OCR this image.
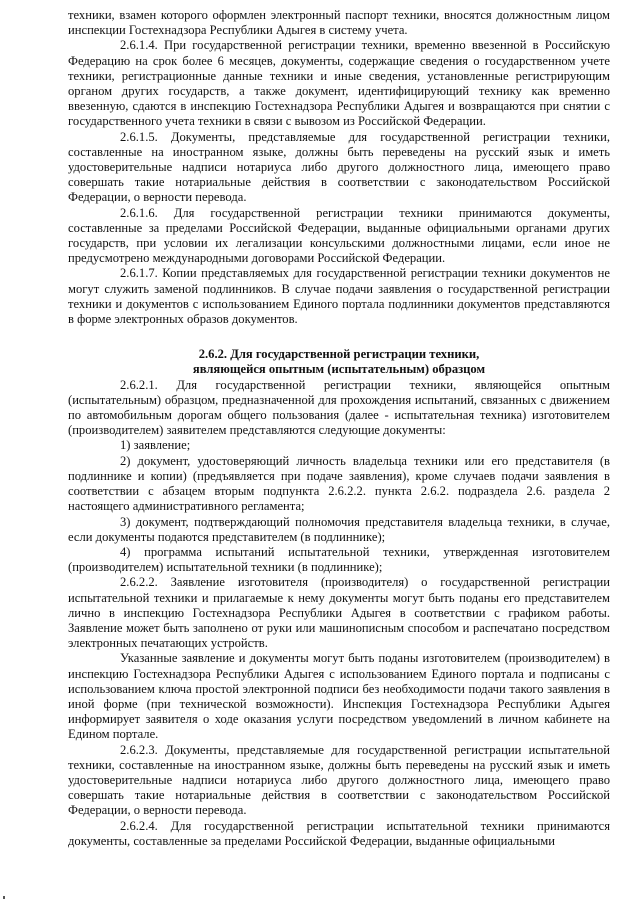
техники, взамен которого оформлен электронный паспорт техники, вносятся должностным лицом инспекции Гостехнадзора Республики Адыгея в систему учета.

2.6.1.4. При государственной регистрации техники, временно ввезенной в Российскую Федерацию на срок более 6 месяцев, документы, содержащие сведения о государственном учете техники, регистрационные данные техники и иные сведения, установленные регистрирующим органом других государств, а также документ, идентифицирующий технику как временно ввезенную, сдаются в инспекцию Гостехнадзора Республики Адыгея и возвращаются при снятии с государственного учета техники в связи с вывозом из Российской Федерации.

2.6.1.5. Документы, представляемые для государственной регистрации техники, составленные на иностранном языке, должны быть переведены на русский язык и иметь удостоверительные надписи нотариуса либо другого должностного лица, имеющего право совершать такие нотариальные действия в соответствии с законодательством Российской Федерации, о верности перевода.

2.6.1.6. Для государственной регистрации техники принимаются документы, составленные за пределами Российской Федерации, выданные официальными органами других государств, при условии их легализации консульскими должностными лицами, если иное не предусмотрено международными договорами Российской Федерации.

2.6.1.7. Копии представляемых для государственной регистрации техники документов не могут служить заменой подлинников. В случае подачи заявления о государственной регистрации техники и документов с использованием Единого портала подлинники документов представляются в форме электронных образов документов.

2.6.2. Для государственной регистрации техники,
являющейся опытным (испытательным) образцом

2.6.2.1. Для государственной регистрации техники, являющейся опытным (испытательным) образцом, предназначенной для прохождения испытаний, связанных с движением по автомобильным дорогам общего пользования (далее - испытательная техника) изготовителем (производителем) заявителем представляются следующие документы:

1) заявление;

2) документ, удостоверяющий личность владельца техники или его представителя (в подлиннике и копии) (предъявляется при подаче заявления), кроме случаев подачи заявления в соответствии с абзацем вторым подпункта 2.6.2.2. пункта 2.6.2. подраздела 2.6. раздела 2 настоящего административного регламента;

3) документ, подтверждающий полномочия представителя владельца техники, в случае, если документы подаются представителем (в подлиннике);

4) программа испытаний испытательной техники, утвержденная изготовителем (производителем) испытательной техники (в подлиннике);

2.6.2.2. Заявление изготовителя (производителя) о государственной регистрации испытательной техники и прилагаемые к нему документы могут быть поданы его представителем лично в инспекцию Гостехнадзора Республики Адыгея в соответствии с графиком работы. Заявление может быть заполнено от руки или машинописным способом и распечатано посредством электронных печатающих устройств.

Указанные заявление и документы могут быть поданы изготовителем (производителем) в инспекцию Гостехнадзора Республики Адыгея с использованием Единого портала и подписаны с использованием ключа простой электронной подписи без необходимости подачи такого заявления в иной форме (при технической возможности). Инспекция Гостехнадзора Республики Адыгея информирует заявителя о ходе оказания услуги посредством уведомлений в личном кабинете на Едином портале.

2.6.2.3. Документы, представляемые для государственной регистрации испытательной техники, составленные на иностранном языке, должны быть переведены на русский язык и иметь удостоверительные надписи нотариуса либо другого должностного лица, имеющего право совершать такие нотариальные действия в соответствии с законодательством Российской Федерации, о верности перевода.

2.6.2.4. Для государственной регистрации испытательной техники принимаются документы, составленные за пределами Российской Федерации, выданные официальными
